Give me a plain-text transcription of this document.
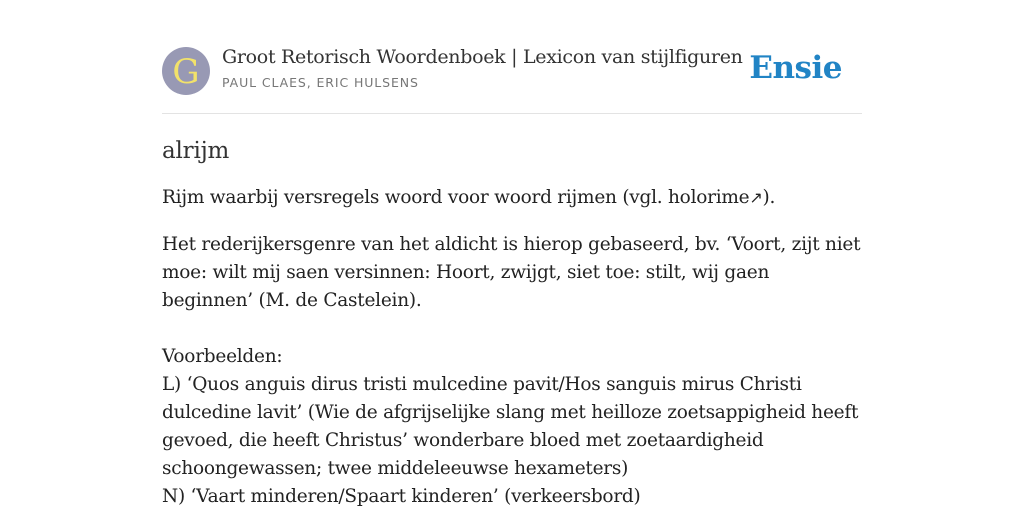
G Groot Retorisch Woordenboek | Lexicon van stijlfiguren
PAUL CLAES, ERIC HULSENS	Ensie
alrijm

Rijm waarbij versregels woord voor woord rijmen (vgl. holorime↗).

Het rederijkersgenre van het aldicht is hierop gebaseerd, bv. ‘Voort, zijt niet moe: wilt mij saen versinnen: Hoort, zwijgt, siet toe: stilt, wij gaen beginnen’ (M. de Castelein).
Voorbeelden:
L) ‘Quos anguis dirus tristi mulcedine pavit/Hos sanguis mirus Christi dulcedine lavit’ (Wie de afgrijselijke slang met heilloze zoetsappigheid heeft gevoed, die heeft Christus’ wonderbare bloed met zoetaardigheid schoongewassen; twee middeleeuwse hexameters)
N) ‘Vaart minderen/Spaart kinderen’ (verkeersbord)
